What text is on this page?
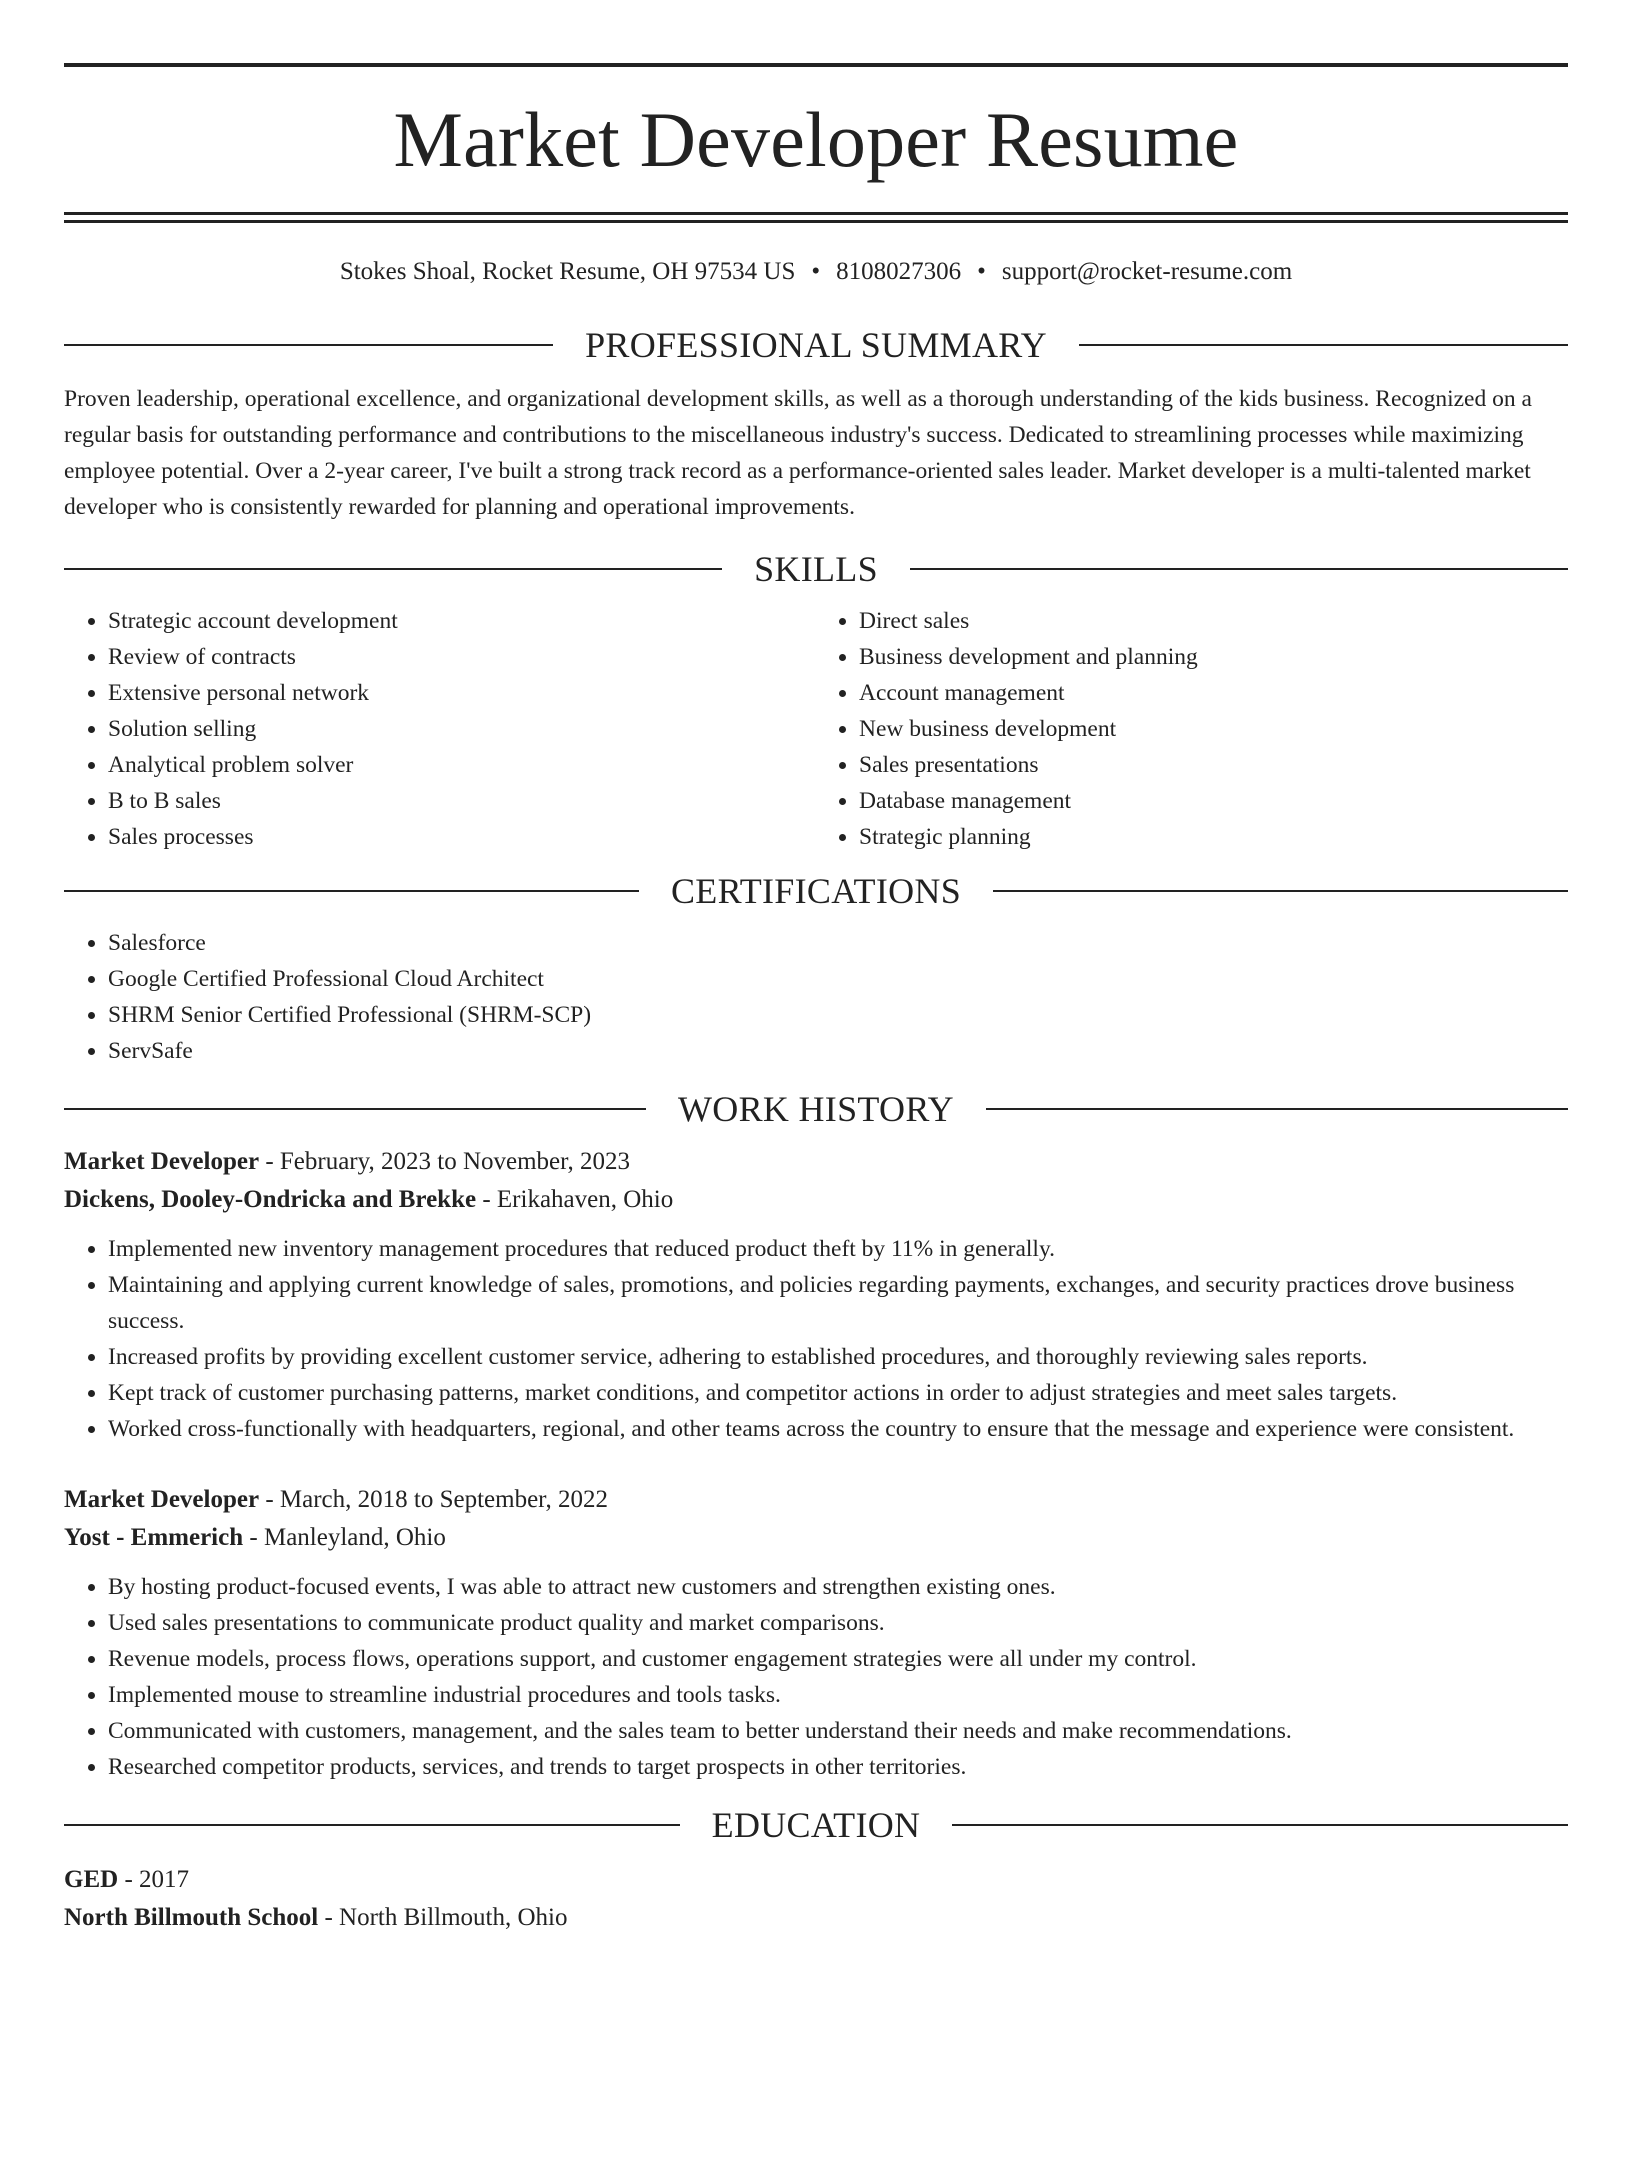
Market Developer Resume
Stokes Shoal, Rocket Resume, OH 97534 US • 8108027306 • support@rocket-resume.com
PROFESSIONAL SUMMARY

Proven leadership, operational excellence, and organizational development skills, as well as a thorough understanding of the kids business. Recognized on a regular basis for outstanding performance and contributions to the miscellaneous industry's success. Dedicated to streamlining processes while maximizing employee potential. Over a 2-year career, I've built a strong track record as a performance-oriented sales leader. Market developer is a multi-talented market developer who is consistently rewarded for planning and operational improvements.

SKILLS
• Strategic account development
• Review of contracts
• Extensive personal network
• Solution selling
• Analytical problem solver
• B to B sales
• Sales processes
• Direct sales
• Business development and planning
• Account management
• New business development
• Sales presentations
• Database management
• Strategic planning
CERTIFICATIONS
• Salesforce
• Google Certified Professional Cloud Architect
• SHRM Senior Certified Professional (SHRM-SCP)
• ServSafe
WORK HISTORY
Market Developer - February, 2023 to November, 2023
Dickens, Dooley-Ondricka and Brekke - Erikahaven, Ohio
• Implemented new inventory management procedures that reduced product theft by 11% in generally.
• Maintaining and applying current knowledge of sales, promotions, and policies regarding payments, exchanges, and security practices drove business success.
• Increased profits by providing excellent customer service, adhering to established procedures, and thoroughly reviewing sales reports.
• Kept track of customer purchasing patterns, market conditions, and competitor actions in order to adjust strategies and meet sales targets.
• Worked cross-functionally with headquarters, regional, and other teams across the country to ensure that the message and experience were consistent.
Market Developer - March, 2018 to September, 2022
Yost - Emmerich - Manleyland, Ohio
• By hosting product-focused events, I was able to attract new customers and strengthen existing ones.
• Used sales presentations to communicate product quality and market comparisons.
• Revenue models, process flows, operations support, and customer engagement strategies were all under my control.
• Implemented mouse to streamline industrial procedures and tools tasks.
• Communicated with customers, management, and the sales team to better understand their needs and make recommendations.
• Researched competitor products, services, and trends to target prospects in other territories.
EDUCATION
GED - 2017
North Billmouth School - North Billmouth, Ohio
